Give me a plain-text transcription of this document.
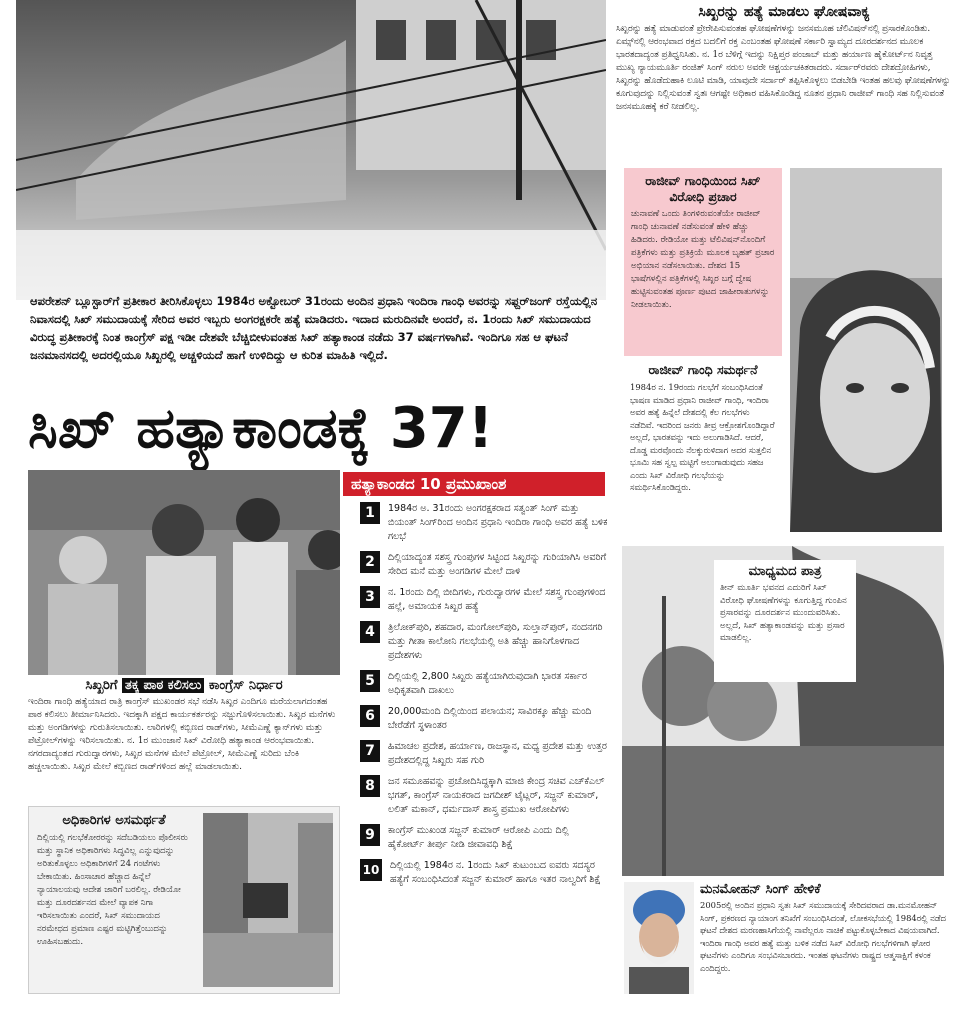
ಆಪರೇಶನ್ ಬ್ಲೂಸ್ಟಾರ್‌ಗೆ ಪ್ರತೀಕಾರ ತೀರಿಸಿಕೊಳ್ಳಲು 1984ರ ಅಕ್ಟೋಬರ್ 31ರಂದು ಅಂದಿನ ಪ್ರಧಾನಿ ಇಂದಿರಾ ಗಾಂಧಿ ಅವರನ್ನು ಸಫ್ದರ್‌ಜಂಗ್ ರಸ್ತೆಯಲ್ಲಿನ ನಿವಾಸದಲ್ಲಿ ಸಿಖ್ ಸಮುದಾಯಕ್ಕೆ ಸೇರಿದ ಅವರ ಇಬ್ಬರು ಅಂಗರಕ್ಷಕರೇ ಹತ್ಯೆ ಮಾಡಿದರು. ಇದಾದ ಮರುದಿನವೇ ಅಂದರೆ, ನ. 1ರಂದು ಸಿಖ್ ಸಮುದಾಯದ ವಿರುದ್ಧ ಪ್ರತೀಕಾರಕ್ಕೆ ನಿಂತ ಕಾಂಗ್ರೆಸ್ ಪಕ್ಷ ಇಡೀ ದೇಶವೇ ಬೆಚ್ಚಿಬೀಳುವಂತಹ ಸಿಖ್ ಹತ್ಯಾಕಾಂಡ ನಡೆದು 37 ವರ್ಷಗಳಾಗಿವೆ. ಇಂದಿಗೂ ಸಹ ಆ ಘಟನೆ ಜನಮಾನಸದಲ್ಲಿ ಅದರಲ್ಲಿಯೂ ಸಿಖ್ಖರಲ್ಲಿ ಅಚ್ಚಳಿಯದೆ ಹಾಗೆ ಉಳಿದಿದ್ದು ಆ ಕುರಿತ ಮಾಹಿತಿ ಇಲ್ಲಿದೆ.
ಸಿಖ್ ಹತ್ಯಾಕಾಂಡಕ್ಕೆ 37!
ಸಿಖ್ಖರಿಗೆ ತಕ್ಕ ಪಾಠ ಕಲಿಸಲು ಕಾಂಗ್ರೆಸ್ ನಿರ್ಧಾರ
ಇಂದಿರಾ ಗಾಂಧಿ ಹತ್ಯೆಯಾದ ರಾತ್ರಿ ಕಾಂಗ್ರೆಸ್ ಮುಖಂಡರ ಸಭೆ ನಡೆಸಿ ಸಿಖ್ಖರ ಎಂದಿಗೂ ಮರೆಯಲಾಗದಂತಹ ಪಾಠ ಕಲಿಸಲು ತೀರ್ಮಾನಿಸಿದರು. ಇದಕ್ಕಾಗಿ ಪಕ್ಷದ ಕಾರ್ಯಕರ್ತರನ್ನು ಸಜ್ಜುಗೊಳಿಸಲಾಯಿತು. ಸಿಖ್ಖರ ಮನೆಗಳು ಮತ್ತು ಅಂಗಡಿಗಳನ್ನು ಗುರುತಿಸಲಾಯಿತು. ಲಾರಿಗಳಲ್ಲಿ ಕಬ್ಬಿಣದ ರಾಡ್‌ಗಳು, ಸೀಮೆಎಣ್ಣೆ ಕ್ಯಾನ್‌ಗಳು ಮತ್ತು ಪೆಟ್ರೋಲ್‌ಗಳನ್ನು ಇರಿಸಲಾಯಿತು. ನ. 1ರ ಮುಂಜಾನೆ ಸಿಖ್ ವಿರೋಧಿ ಹತ್ಯಾಕಾಂಡ ಆರಂಭವಾಯಿತು. ನಗರದಾದ್ಯಂತದ ಗುರುದ್ವಾರಗಳು, ಸಿಖ್ಖರ ಮನೆಗಳ ಮೇಲೆ ಪೆಟ್ರೋಲ್, ಸೀಮೆಎಣ್ಣೆ ಸುರಿದು ಬೆಂಕಿ ಹಚ್ಚಲಾಯಿತು. ಸಿಖ್ಖರ ಮೇಲೆ ಕಬ್ಬಿಣದ ರಾಡ್‌ಗಳಿಂದ ಹಲ್ಲೆ ಮಾಡಲಾಯಿತು.
ಅಧಿಕಾರಿಗಳ ಅಸಮರ್ಥತೆ
ದಿಲ್ಲಿಯಲ್ಲಿ ಗಲಭೆಕೋರರನ್ನು ಸದೆಬಡಿಯಲು ಪೊಲೀಸರು ಮತ್ತು ಸ್ಥಾನಿಕ ಅಧಿಕಾರಿಗಳು ಸಿದ್ಧವಿಲ್ಲ ಎನ್ನುವುದನ್ನು ಅರಿತುಕೊಳ್ಳಲು ಅಧಿಕಾರಿಗಳಿಗೆ 24 ಗಂಟೆಗಳು ಬೇಕಾಯಿತು. ಹಿಂಸಾಚಾರ ಹೆಚ್ಚಾದ ಹಿನ್ನೆಲೆ ನ್ಯಾಯಾಲಯವು ಆದೇಶ ಜಾರಿಗೆ ಬರಲಿಲ್ಲ. ರೇಡಿಯೋ ಮತ್ತು ದೂರದರ್ಶನದ ಮೇಲೆ ವ್ಯಾಪಕ ನಿಗಾ ಇರಿಸಲಾಯಿತು ಎಂದರೆ, ಸಿಖ್ ಸಮುದಾಯದ ನರಮೇಧದ ಪ್ರಮಾಣ ಎಷ್ಟರ ಮಟ್ಟಿಗಿತ್ತೆಂಬುದನ್ನು ಊಹಿಸಬಹುದು.
ಹತ್ಯಾಕಾಂಡದ 10 ಪ್ರಮುಖಾಂಶ
1	1984ರ ಅ. 31ರಂದು ಅಂಗರಕ್ಷಕರಾದ ಸತ್ವಂತ್ ಸಿಂಗ್ ಮತ್ತು ಬಿಯಂತ್ ಸಿಂಗ್‌ರಿಂದ ಅಂದಿನ ಪ್ರಧಾನಿ ಇಂದಿರಾ ಗಾಂಧಿ ಅವರ ಹತ್ಯೆ ಬಳಿಕ ಗಲಭೆ
2	ದಿಲ್ಲಿಯಾದ್ಯಂತ ಸಶಸ್ತ್ರ ಗುಂಪುಗಳ ಸಿಟ್ಟಿಂದ ಸಿಖ್ಖರನ್ನು ಗುರಿಯಾಗಿಸಿ ಅವರಿಗೆ ಸೇರಿದ ಮನೆ ಮತ್ತು ಅಂಗಡಿಗಳ ಮೇಲೆ ದಾಳಿ
3	ನ. 1ರಂದು ದಿಲ್ಲಿ ಬೀದಿಗಳು, ಗುರುದ್ವಾರಗಳ ಮೇಲೆ ಸಶಸ್ತ್ರ ಗುಂಪುಗಳಿಂದ ಹಲ್ಲೆ, ಅಮಾಯಕ ಸಿಖ್ಖರ ಹತ್ಯೆ
4	ತ್ರಿಲೋಕ್‌ಪುರಿ, ಶಹದಾರ, ಮಂಗೋಲ್‌ಪುರಿ, ಸುಲ್ತಾನ್‌ಪುರ್, ನಂದನಗರಿ ಮತ್ತು ಗೀತಾ ಕಾಲೋನಿ ಗಲಭೆಯಲ್ಲಿ ಅತಿ ಹೆಚ್ಚು ಹಾನಿಗೊಳಗಾದ ಪ್ರದೇಶಗಳು
5	ದಿಲ್ಲಿಯಲ್ಲಿ 2,800 ಸಿಖ್ಖರು ಹತ್ಯೆಯಾಗಿರುವುದಾಗಿ ಭಾರತ ಸರ್ಕಾರ ಅಧಿಕೃತವಾಗಿ ದಾಖಲು
6	20,000ಮಂದಿ ದಿಲ್ಲಿಯಿಂದ ಪಲಾಯನ; ಸಾವಿರಕ್ಕೂ ಹೆಚ್ಚು ಮಂದಿ ಬೇರೆಡೆಗೆ ಸ್ಥಳಾಂತರ
7	ಹಿಮಾಚಲ ಪ್ರದೇಶ, ಹರ್ಯಾಣ, ರಾಜಸ್ಥಾನ, ಮಧ್ಯ ಪ್ರದೇಶ ಮತ್ತು ಉತ್ತರ ಪ್ರದೇಶದಲ್ಲಿದ್ದ ಸಿಖ್ಖರು ಸಹ ಗುರಿ
8	ಜನ ಸಮೂಹವನ್ನು ಪ್ರಚೋದಿಸಿದ್ದಕ್ಕಾಗಿ ಮಾಜಿ ಕೇಂದ್ರ ಸಚಿವ ಎಚ್‌ಕೆಎಲ್ ಭಗತ್, ಕಾಂಗ್ರೆಸ್ ನಾಯಕರಾದ ಜಗದೀಶ್ ಟೈಟ್ಲರ್, ಸಜ್ಜನ್ ಕುಮಾರ್, ಲಲಿತ್ ಮಕಾನ್, ಧರ್ಮದಾಸ್ ಶಾಸ್ತ್ರ ಪ್ರಮುಖ ಆರೋಪಿಗಳು
9	ಕಾಂಗ್ರೆಸ್ ಮುಖಂಡ ಸಜ್ಜನ್ ಕುಮಾರ್ ಆರೋಪಿ ಎಂದು ದಿಲ್ಲಿ ಹೈಕೋರ್ಟ್ ತೀರ್ಪು ನೀಡಿ ಜೀವಾವಧಿ ಶಿಕ್ಷೆ
10 ದಿಲ್ಲಿಯಲ್ಲಿ 1984ರ ನ. 1ರಂದು ಸಿಖ್ ಕುಟುಂಬದ ಐವರು ಸದಸ್ಯರ ಹತ್ಯೆಗೆ ಸಂಬಂಧಿಸಿದಂತೆ ಸಜ್ಜನ್ ಕುಮಾರ್ ಹಾಗೂ ಇತರ ನಾಲ್ವರಿಗೆ ಶಿಕ್ಷೆ
ಸಿಖ್ಖರನ್ನು ಹತ್ಯೆ ಮಾಡಲು ಘೋಷವಾಕ್ಯ
ಸಿಖ್ಖರನ್ನು ಹತ್ಯೆ ಮಾಡುವಂತೆ ಪ್ರೇರೇಪಿಸುವಂತಹ ಘೋಷಣೆಗಳನ್ನು ಜನಸಮೂಹ ಚೆಲಿವಿಷನ್‌ನಲ್ಲಿ ಪ್ರಸಾರಕೊಂಡಿತು. ಏಮ್ಸ್‌ನಲ್ಲಿ ಆರಂಭವಾದ ರಕ್ತದ ಬದಲಿಗೆ ರಕ್ತ ಎಂಬಂತಹ ಘೋಷಣೆ ಸರ್ಕಾರಿ ಸ್ವಾಮ್ಯದ ದೂರದರ್ಶನದ ಮೂಲಕ ಭಾರತದಾದ್ಯಂತ ಪ್ರತಿಧ್ವನಿಸಿತು. ನ. 1ರ ಬೆಳಿಗ್ಗೆ ಇದನ್ನು ನಿಕ್ಷಿಪ್ತರ ಪಂಜಾಬ್ ಮತ್ತು ಹರ್ಯಾಣ ಹೈಕೋರ್ಟ್‌ನ ನಿವೃತ್ತ ಮುಖ್ಯ ನ್ಯಾಯಮೂರ್ತಿ ರಂಜಿತ್ ಸಿಂಗ್ ನರುಲ ಅವರೇ ಆಶ್ಚರ್ಯಚಕಿತರಾದರು. ಸರ್ದಾರ್‌ರವರು ದೇಶದ್ರೋಹಿಗಳು, ಸಿಖ್ಖರನ್ನು ಹೊಡೆದುಹಾಕಿ ಲೂಟಿ ಮಾಡಿ, ಯಾವುದೇ ಸರ್ದಾರ್ ತಪ್ಪಿಸಿಕೊಳ್ಳಲು ಬಿಡಬೇಡಿ ಇಂತಹ ಹಲವು ಘೋಷಣೆಗಳನ್ನು ಕೂಗುವುದನ್ನು ನಿಲ್ಲಿಸುವಂತೆ ಸ್ವತಃ ಆಗಷ್ಟೇ ಅಧಿಕಾರ ವಹಿಸಿಕೊಂಡಿದ್ದ ನೂತನ ಪ್ರಧಾನಿ ರಾಜೀವ್ ಗಾಂಧಿ ಸಹ ನಿಲ್ಲಿಸುವಂತೆ ಜನಸಮೂಹಕ್ಕೆ ಕರೆ ನೀಡಲಿಲ್ಲ.
ರಾಜೀವ್ ಗಾಂಧಿಯಿಂದ ಸಿಖ್ ವಿರೋಧಿ ಪ್ರಚಾರ
ಚುನಾವಣೆ ಒಂದು ತಿಂಗಳಿರುವಂತೆಯೇ ರಾಜೀವ್ ಗಾಂಧಿ ಚುನಾವಣೆ ನಡೆಸುವಂತೆ ಹೇಳಿ ಹೆಚ್ಚು ಹಿಡಿದರು. ರೇಡಿಯೋ ಮತ್ತು ಟೆಲಿವಿಷನ್‌ನೊಂದಿಗೆ ಪತ್ರಿಕೆಗಳು ಮತ್ತು ಪ್ರತಿಕ್ರಿಯೆ ಮೂಲಕ ಬೃಹತ್ ಪ್ರಚಾರ ಅಭಿಯಾನ ನಡೆಸಲಾಯಿತು. ದೇಶದ 15 ಭಾಷೆಗಳಲ್ಲಿನ ಪತ್ರಿಕೆಗಳಲ್ಲಿ ಸಿಖ್ಖರ ಬಗ್ಗೆ ದ್ವೇಷ ಹುಟ್ಟಿಸುವಂತಹ ಪೂರ್ಣ ಪುಟದ ಜಾಹೀರಾತುಗಳನ್ನು ನೀಡಲಾಯಿತು.
ರಾಜೀವ್ ಗಾಂಧಿ ಸಮರ್ಥನೆ
1984ರ ನ. 19ರಂದು ಗಲಭೆಗೆ ಸಂಬಂಧಿಸಿದಂತೆ ಭಾಷಣ ಮಾಡಿದ ಪ್ರಧಾನಿ ರಾಜೀವ್ ಗಾಂಧಿ, ಇಂದಿರಾ ಅವರ ಹತ್ಯೆ ಹಿನ್ನೆಲೆ ದೇಶದಲ್ಲಿ ಕೆಲ ಗಲಭೆಗಳು ನಡೆದಿವೆ. ಇದರಿಂದ ಜನರು ತೀವ್ರ ಆಕ್ರೋಶಗೊಂಡಿದ್ದಾರೆ ಅಲ್ಲದೆ, ಭಾರತವನ್ನು ಇದು ಅಲುಗಾಡಿಸಿದೆ. ಆದರೆ, ದೊಡ್ಡ ಮರವೊಂದು ನೆಲಕ್ಕುರುಳಿದಾಗ ಅದರ ಸುತ್ತಲಿನ ಭೂಮಿ ಸಹ ಸ್ವಲ್ಪ ಮಟ್ಟಿಗೆ ಅಲುಗಾಡುವುದು ಸಹಜ ಎಂದು ಸಿಖ್ ವಿರೋಧಿ ಗಲಭೆಯನ್ನು ಸಮರ್ಥಿಸಿಕೊಂಡಿದ್ದರು.
ಮಾಧ್ಯಮದ ಪಾತ್ರ
ತೀನ್ ಮೂರ್ತಿ ಭವನದ ಎದುರಿಗೆ ಸಿಖ್ ವಿರೋಧಿ ಘೋಷಣೆಗಳನ್ನು ಕೂಗುತ್ತಿದ್ದ ಗುಂಪಿನ ಪ್ರಸಾರವನ್ನು ದೂರದರ್ಶನ ಮುಂದುವರಿಸಿತು. ಅಲ್ಲದೆ, ಸಿಖ್ ಹತ್ಯಾಕಾಂಡವನ್ನು ಮತ್ತು ಪ್ರಸಾರ ಮಾಡಲಿಲ್ಲ.
ಮನಮೋಹನ್ ಸಿಂಗ್ ಹೇಳಿಕೆ
2005ರಲ್ಲಿ ಅಂದಿನ ಪ್ರಧಾನಿ ಸ್ವತಃ ಸಿಖ್ ಸಮುದಾಯಕ್ಕೆ ಸೇರಿದವರಾದ ಡಾ.ಮನಮೋಹನ್ ಸಿಂಗ್, ಪ್ರಕರಣದ ನ್ಯಾಯಾಂಗ ತನಿಖೆಗೆ ಸಂಬಂಧಿಸಿದಂತೆ, ಲೋಕಸಭೆಯಲ್ಲಿ 1984ರಲ್ಲಿ ನಡೆದ ಘಟನೆ ದೇಶದ ಮರಣಹಾಸಿಗೆಯಲ್ಲಿ ನಾವೆಲ್ಲರೂ ನಾಚಿಕೆ ಪಟ್ಟುಕೊಳ್ಳಬೇಕಾದ ವಿಷಯವಾಗಿದೆ. ಇಂದಿರಾ ಗಾಂಧಿ ಅವರ ಹತ್ಯೆ ಮತ್ತು ಬಳಿಕ ನಡೆದ ಸಿಖ್ ವಿರೋಧಿ ಗಲಭೆಗಳಿಗಾಗಿ ಘೋರ ಘಟನೆಗಳು ಎಂದಿಗೂ ಸಂಭವಿಸಬಾರದು. ಇಂತಹ ಘಟನೆಗಳು ರಾಷ್ಟ್ರದ ಆತ್ಮಸಾಕ್ಷಿಗೆ ಕಳಂಕ ಎಂದಿದ್ದರು.
